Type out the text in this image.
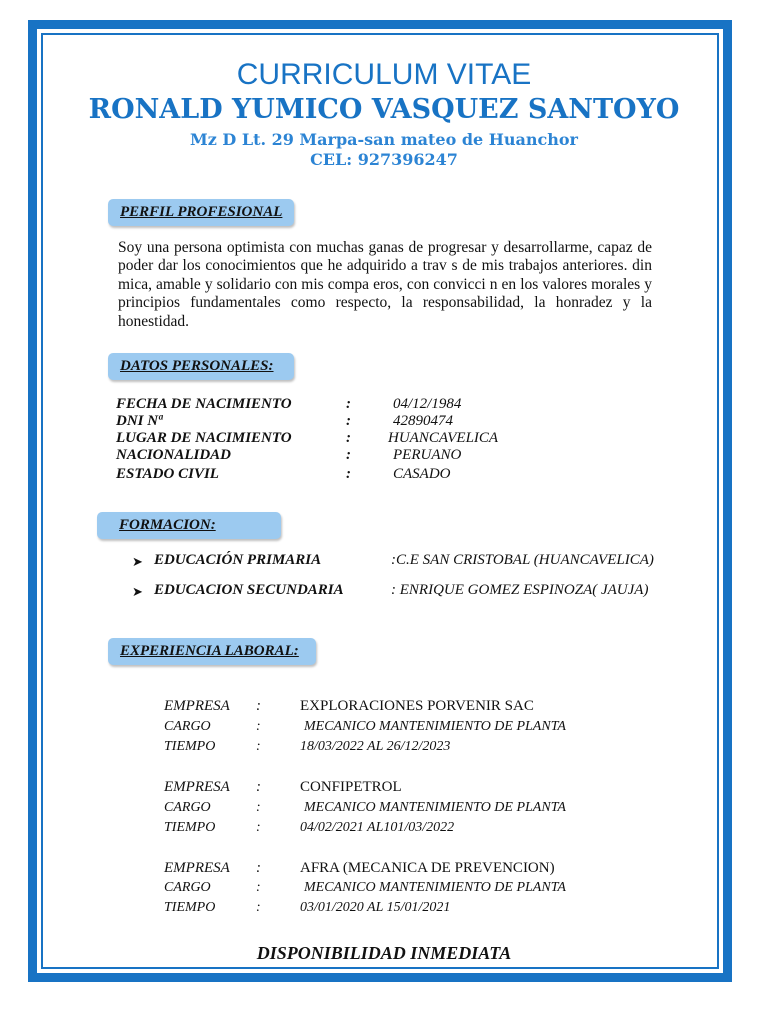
CURRICULUM VITAE
RONALD YUMICO VASQUEZ SANTOYO
Mz D Lt. 29 Marpa-san mateo de Huanchor
CEL: 927396247
PERFIL PROFESIONAL
Soy una persona optimista con muchas ganas de progresar y desarrollarme, capaz de poder dar los conocimientos que he adquirido a trav s de mis trabajos anteriores. din mica, amable y solidario con mis compa eros, con convicci n en los valores morales y principios fundamentales como respecto, la responsabilidad, la honradez y la honestidad.
DATOS PERSONALES:
FECHA DE NACIMIENTO	:	04/12/1984
DNI Nª	:	42890474
LUGAR DE NACIMIENTO	: HUANCAVELICA
NACIONALIDAD	:	PERUANO
ESTADO CIVIL	:	CASADO
FORMACION:
➤ EDUCACIÓN PRIMARIA	:C.E SAN CRISTOBAL (HUANCAVELICA)
➤ EDUCACION SECUNDARIA	: ENRIQUE GOMEZ ESPINOZA( JAUJA)
EXPERIENCIA LABORAL:
EMPRESA :	EXPLORACIONES PORVENIR SAC
CARGO	:	MECANICO MANTENIMIENTO DE PLANTA
TIEMPO	:	18/03/2022 AL 26/12/2023
EMPRESA :	CONFIPETROL
CARGO	:	MECANICO MANTENIMIENTO DE PLANTA
TIEMPO	:	04/02/2021 AL101/03/2022
EMPRESA :	AFRA (MECANICA DE PREVENCION)
CARGO	:	MECANICO MANTENIMIENTO DE PLANTA
TIEMPO	:	03/01/2020 AL 15/01/2021
DISPONIBILIDAD INMEDIATA
